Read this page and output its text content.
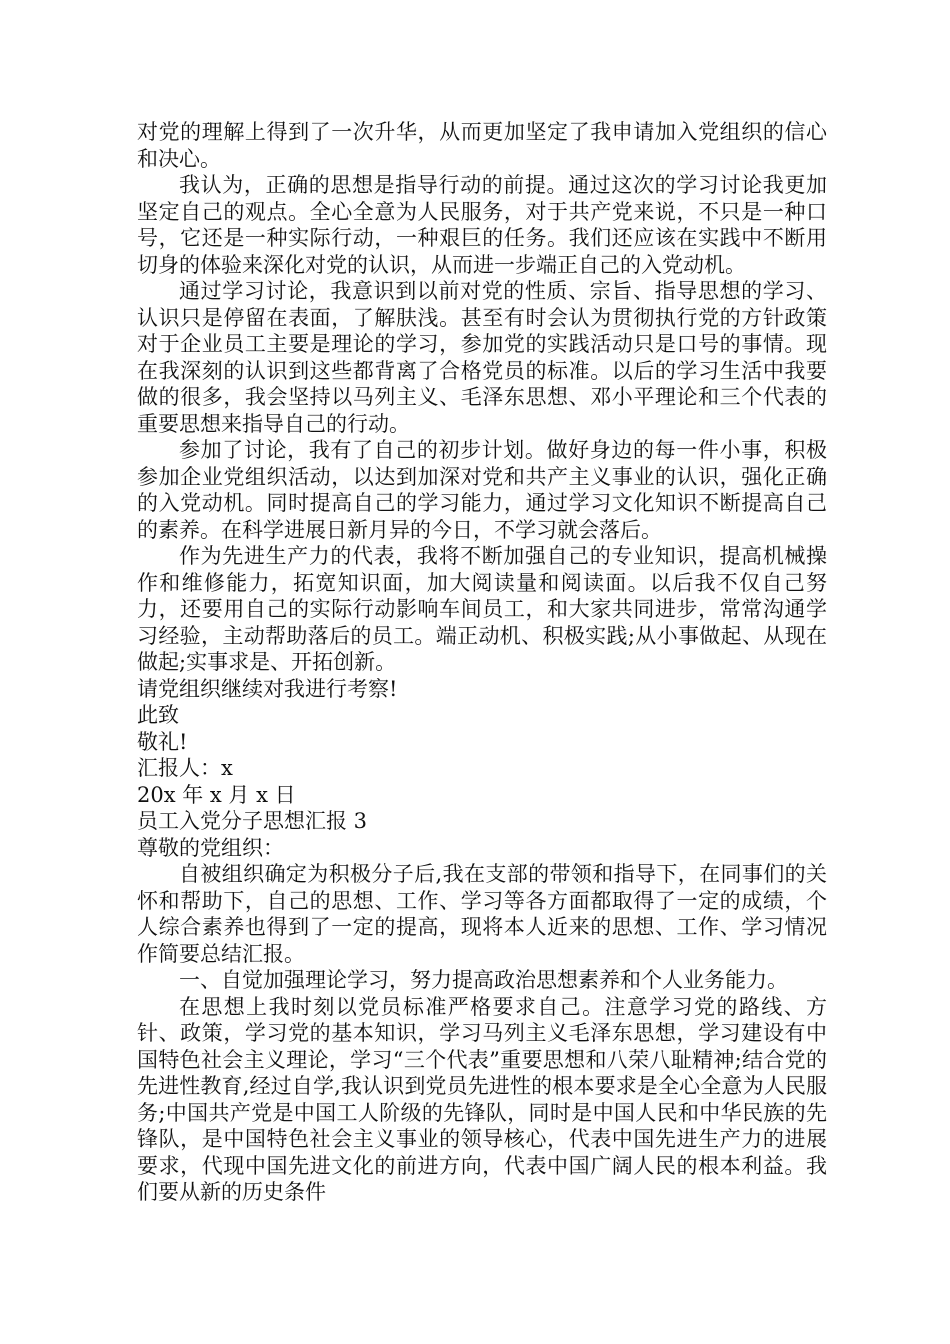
对党的理解上得到了一次升华，从而更加坚定了我申请加入党组织的信心和决心。

我认为，正确的思想是指导行动的前提。通过这次的学习讨论我更加坚定自己的观点。全心全意为人民服务，对于共产党来说，不只是一种口号，它还是一种实际行动，一种艰巨的任务。我们还应该在实践中不断用切身的体验来深化对党的认识，从而进一步端正自己的入党动机。

通过学习讨论，我意识到以前对党的性质、宗旨、指导思想的学习、认识只是停留在表面，了解肤浅。甚至有时会认为贯彻执行党的方针政策对于企业员工主要是理论的学习，参加党的实践活动只是口号的事情。现在我深刻的认识到这些都背离了合格党员的标准。以后的学习生活中我要做的很多，我会坚持以马列主义、毛泽东思想、邓小平理论和三个代表的重要思想来指导自己的行动。

参加了讨论，我有了自己的初步计划。做好身边的每一件小事，积极参加企业党组织活动，以达到加深对党和共产主义事业的认识，强化正确的入党动机。同时提高自己的学习能力，通过学习文化知识不断提高自己的素养。在科学进展日新月异的今日，不学习就会落后。

作为先进生产力的代表，我将不断加强自己的专业知识，提高机械操作和维修能力，拓宽知识面，加大阅读量和阅读面。以后我不仅自己努力，还要用自己的实际行动影响车间员工，和大家共同进步，常常沟通学习经验，主动帮助落后的员工。端正动机、积极实践;从小事做起、从现在做起;实事求是、开拓创新。

请党组织继续对我进行考察!

此致

敬礼!

汇报人：x

20x 年 x 月 x 日

员工入党分子思想汇报 3

尊敬的党组织：

自被组织确定为积极分子后,我在支部的带领和指导下，在同事们的关怀和帮助下，自己的思想、工作、学习等各方面都取得了一定的成绩，个人综合素养也得到了一定的提高，现将本人近来的思想、工作、学习情况作简要总结汇报。

一、自觉加强理论学习，努力提高政治思想素养和个人业务能力。

在思想上我时刻以党员标准严格要求自己。注意学习党的路线、方针、政策，学习党的基本知识，学习马列主义毛泽东思想，学习建设有中国特色社会主义理论，学习“三个代表”重要思想和八荣八耻精神;结合党的先进性教育,经过自学,我认识到党员先进性的根本要求是全心全意为人民服务;中国共产党是中国工人阶级的先锋队，同时是中国人民和中华民族的先锋队，是中国特色社会主义事业的领导核心，代表中国先进生产力的进展要求，代现中国先进文化的前进方向，代表中国广阔人民的根本利益。我们要从新的历史条件
